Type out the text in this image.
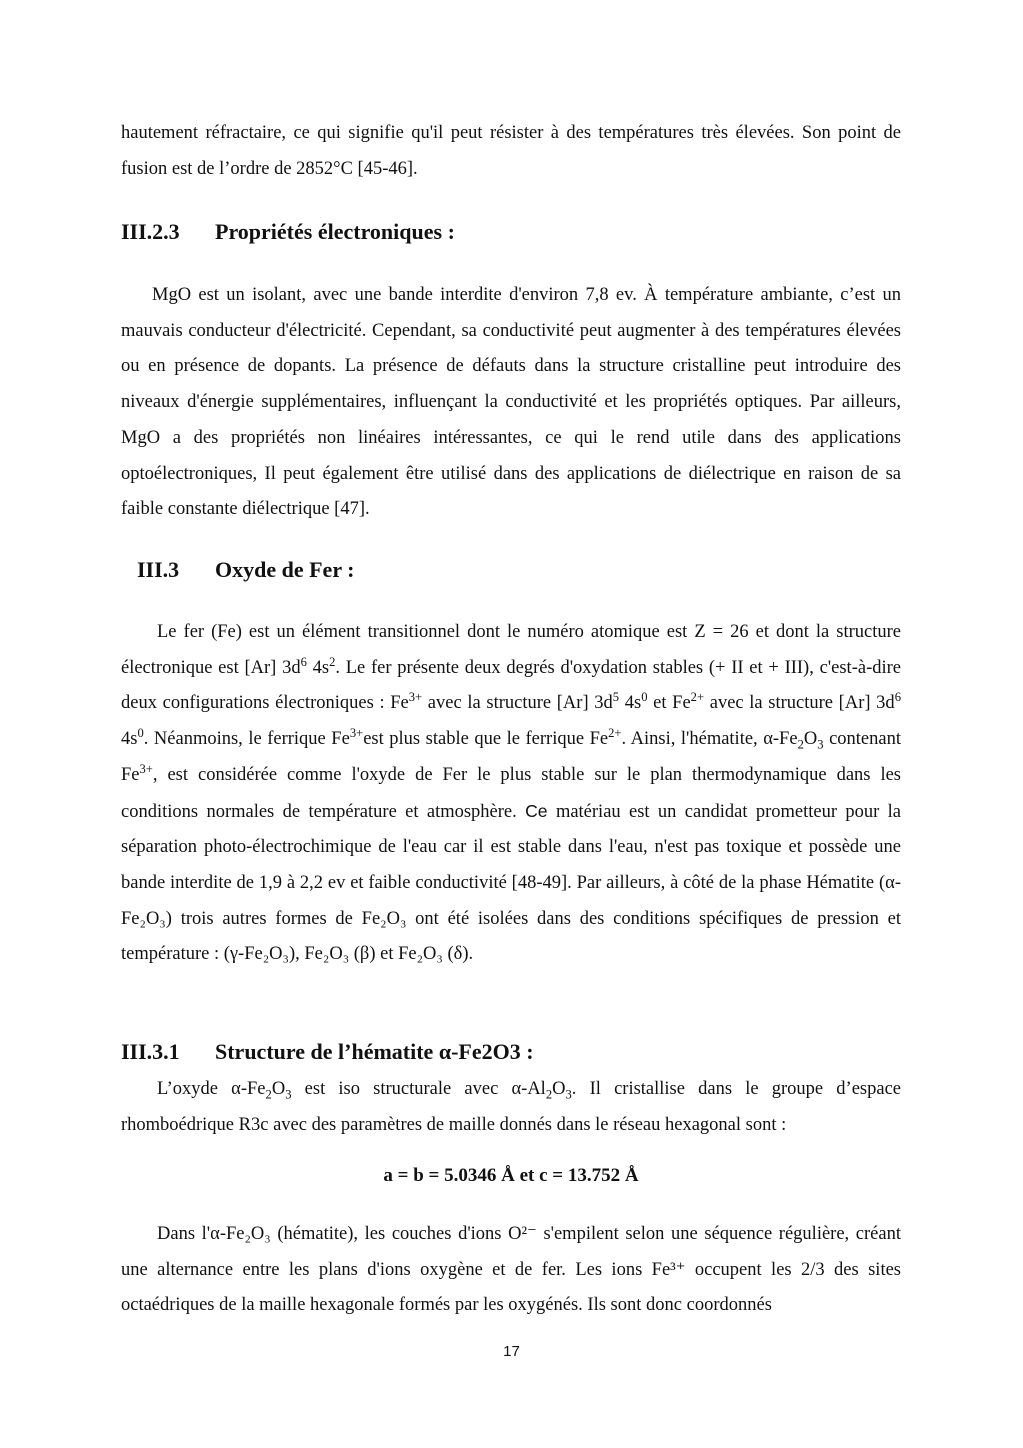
hautement réfractaire, ce qui signifie qu'il peut résister à des températures très élevées. Son point de fusion est de l’ordre de 2852°C [45-46].

III.2.3 Propriétés électroniques :

MgO est un isolant, avec une bande interdite d'environ 7,8 ev. À température ambiante, c’est un mauvais conducteur d'électricité. Cependant, sa conductivité peut augmenter à des températures élevées ou en présence de dopants. La présence de défauts dans la structure cristalline peut introduire des niveaux d'énergie supplémentaires, influençant la conductivité et les propriétés optiques. Par ailleurs, MgO a des propriétés non linéaires intéressantes, ce qui le rend utile dans des applications optoélectroniques, Il peut également être utilisé dans des applications de diélectrique en raison de sa faible constante diélectrique [47].

III.3 Oxyde de Fer :

Le fer (Fe) est un élément transitionnel dont le numéro atomique est Z = 26 et dont la structure électronique est [Ar] $3d^6$ $4s^2$. Le fer présente deux degrés d'oxydation stables (+ II et + III), c'est-à-dire deux configurations électroniques : $Fe^{3+}$ avec la structure [Ar] $3d^5$ $4s^0$ et $Fe^{2+}$ avec la structure [Ar] $3d^6$ $4s^0$. Néanmoins, le ferrique $Fe^{3+}est$ plus stable que le ferrique $Fe^{2+}$. Ainsi, l'hématite, $\alpha-Fe_2O_3$ contenant $Fe^{3+}$, est considérée comme l'oxyde de Fer le plus stable sur le plan thermodynamique dans les conditions normales de température et atmosphère. Ce matériau est un candidat prometteur pour la séparation photo-électrochimique de l'eau car il est stable dans l'eau, n'est pas toxique et possède une bande interdite de 1,9 à 2,2 ev et faible conductivité [48-49]. Par ailleurs, à côté de la phase Hématite (α-Fe₂O₃) trois autres formes de Fe₂O₃ ont été isolées dans des conditions spécifiques de pression et température : (γ-Fe₂O₃), Fe₂O₃ (β) et Fe₂O₃ (δ).

III.3.1 Structure de l’hématite α-Fe2O3 :

L’oxyde $\alpha-Fe_2O_3$ est iso structurale avec $\alpha-Al_2O_3$. Il cristallise dans le groupe d’espace rhomboédrique R3c avec des paramètres de maille donnés dans le réseau hexagonal sont :

a = b = 5.0346 Å et c = 13.752 Å

Dans l'α-Fe₂O₃ (hématite), les couches d'ions O²⁻ s'empilent selon une séquence régulière, créant une alternance entre les plans d'ions oxygène et de fer. Les ions Fe³⁺ occupent les 2/3 des sites octaédriques de la maille hexagonale formés par les oxygénés. Ils sont donc coordonnés

17
